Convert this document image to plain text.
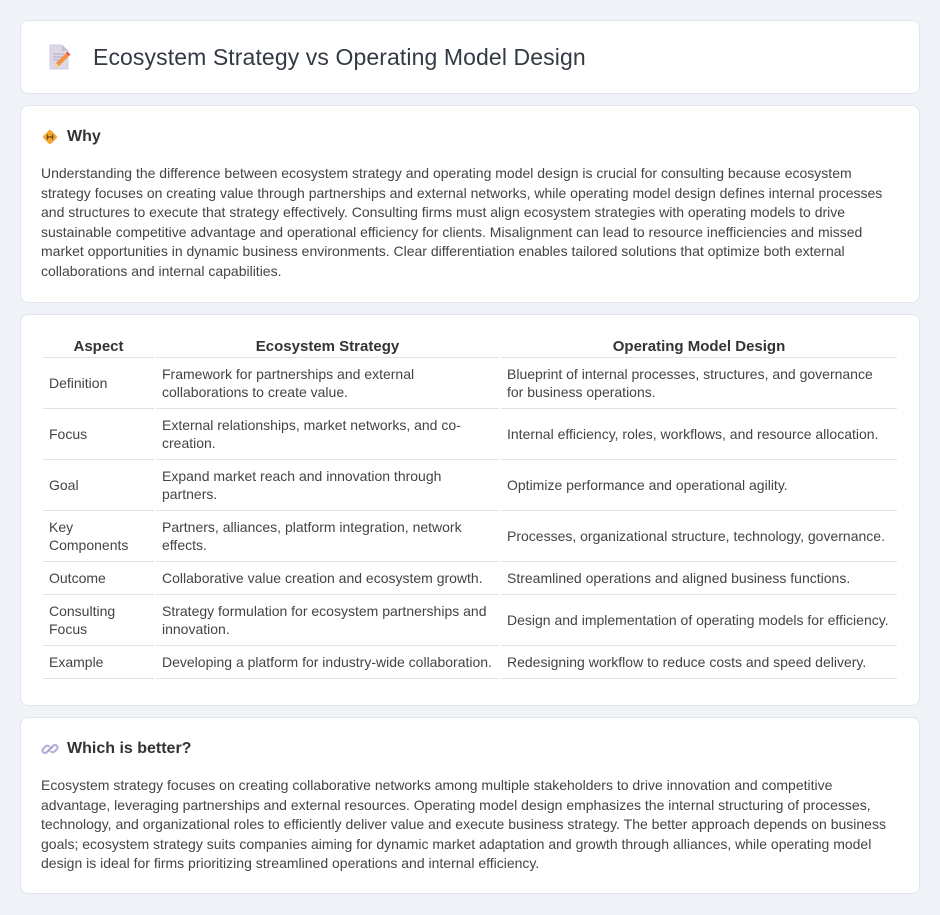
Ecosystem Strategy vs Operating Model Design
Why

Understanding the difference between ecosystem strategy and operating model design is crucial for consulting because ecosystem strategy focuses on creating value through partnerships and external networks, while operating model design defines internal processes and structures to execute that strategy effectively. Consulting firms must align ecosystem strategies with operating models to drive sustainable competitive advantage and operational efficiency for clients. Misalignment can lead to resource inefficiencies and missed market opportunities in dynamic business environments. Clear differentiation enables tailored solutions that optimize both external collaborations and internal capabilities.

Aspect	Ecosystem Strategy	Operating Model Design
Definition	Framework for partnerships and external collaborations to create value.	Blueprint of internal processes, structures, and governance for business operations.
Focus	External relationships, market networks, and co-creation.	Internal efficiency, roles, workflows, and resource allocation.
Goal	Expand market reach and innovation through partners.	Optimize performance and operational agility.
Key Components	Partners, alliances, platform integration, network effects.	Processes, organizational structure, technology, governance.
Outcome	Collaborative value creation and ecosystem growth.	Streamlined operations and aligned business functions.
Consulting Focus	Strategy formulation for ecosystem partnerships and innovation.	Design and implementation of operating models for efficiency.
Example	Developing a platform for industry-wide collaboration.	Redesigning workflow to reduce costs and speed delivery.
Which is better?

Ecosystem strategy focuses on creating collaborative networks among multiple stakeholders to drive innovation and competitive advantage, leveraging partnerships and external resources. Operating model design emphasizes the internal structuring of processes, technology, and organizational roles to efficiently deliver value and execute business strategy. The better approach depends on business goals; ecosystem strategy suits companies aiming for dynamic market adaptation and growth through alliances, while operating model design is ideal for firms prioritizing streamlined operations and internal efficiency.
